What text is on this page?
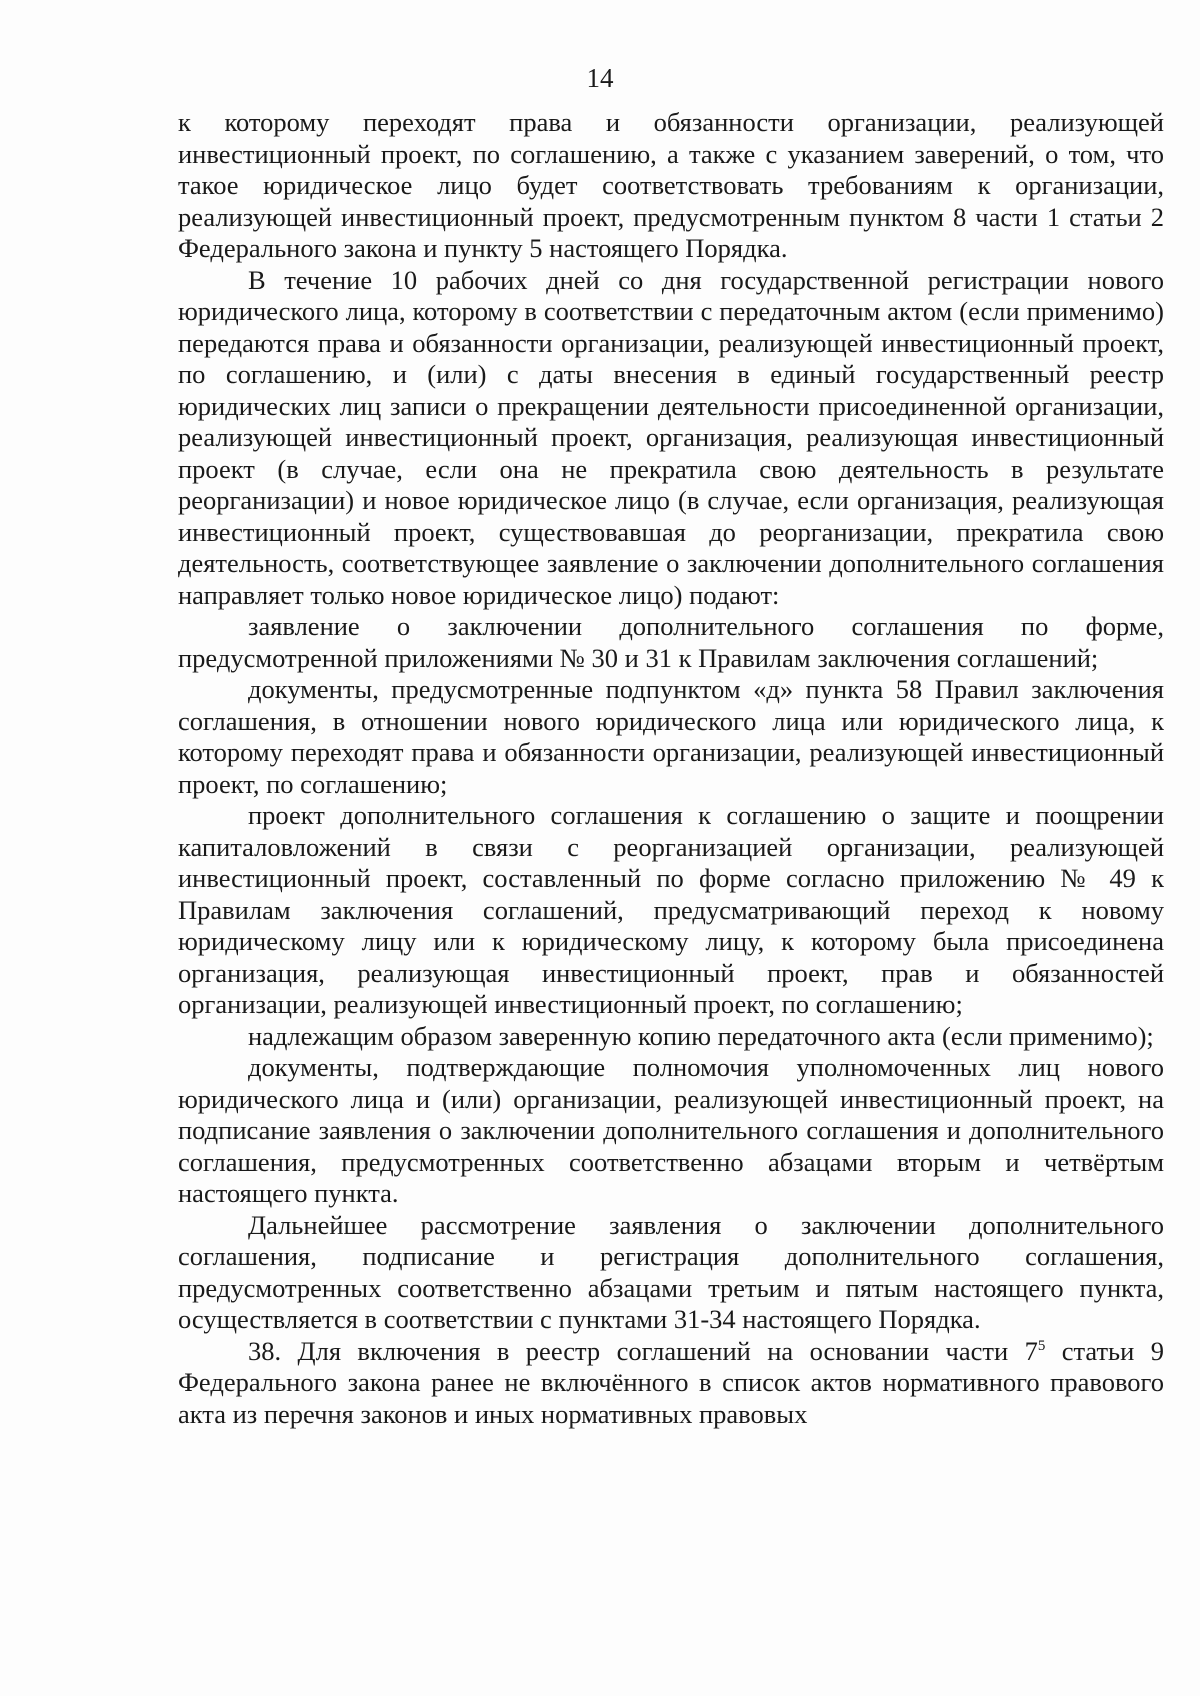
14

к которому переходят права и обязанности организации, реализующей инвестиционный проект, по соглашению, а также с указанием заверений, о том, что такое юридическое лицо будет соответствовать требованиям к организации, реализующей инвестиционный проект, предусмотренным пунктом 8 части 1 статьи 2 Федерального закона и пункту 5 настоящего Порядка.

В течение 10 рабочих дней со дня государственной регистрации нового юридического лица, которому в соответствии с передаточным актом (если применимо) передаются права и обязанности организации, реализующей инвестиционный проект, по соглашению, и (или) с даты внесения в единый государственный реестр юридических лиц записи о прекращении деятельности присоединенной организации, реализующей инвестиционный проект, организация, реализующая инвестиционный проект (в случае, если она не прекратила свою деятельность в результате реорганизации) и новое юридическое лицо (в случае, если организация, реализующая инвестиционный проект, существовавшая до реорганизации, прекратила свою деятельность, соответствующее заявление о заключении дополнительного соглашения направляет только новое юридическое лицо) подают:

заявление о заключении дополнительного соглашения по форме, предусмотренной приложениями № 30 и 31 к Правилам заключения соглашений;

документы, предусмотренные подпунктом «д» пункта 58 Правил заключения соглашения, в отношении нового юридического лица или юридического лица, к которому переходят права и обязанности организации, реализующей инвестиционный проект, по соглашению;

проект дополнительного соглашения к соглашению о защите и поощрении капиталовложений в связи с реорганизацией организации, реализующей инвестиционный проект, составленный по форме согласно приложению № 49 к Правилам заключения соглашений, предусматривающий переход к новому юридическому лицу или к юридическому лицу, к которому была присоединена организация, реализующая инвестиционный проект, прав и обязанностей организации, реализующей инвестиционный проект, по соглашению;

надлежащим образом заверенную копию передаточного акта (если применимо);

документы, подтверждающие полномочия уполномоченных лиц нового юридического лица и (или) организации, реализующей инвестиционный проект, на подписание заявления о заключении дополнительного соглашения и дополнительного соглашения, предусмотренных соответственно абзацами вторым и четвёртым настоящего пункта.

Дальнейшее рассмотрение заявления о заключении дополнительного соглашения, подписание и регистрация дополнительного соглашения, предусмотренных соответственно абзацами третьим и пятым настоящего пункта, осуществляется в соответствии с пунктами 31-34 настоящего Порядка.

38. Для включения в реестр соглашений на основании части $7^5$ статьи 9 Федерального закона ранее не включённого в список актов нормативного правового акта из перечня законов и иных нормативных правовых
